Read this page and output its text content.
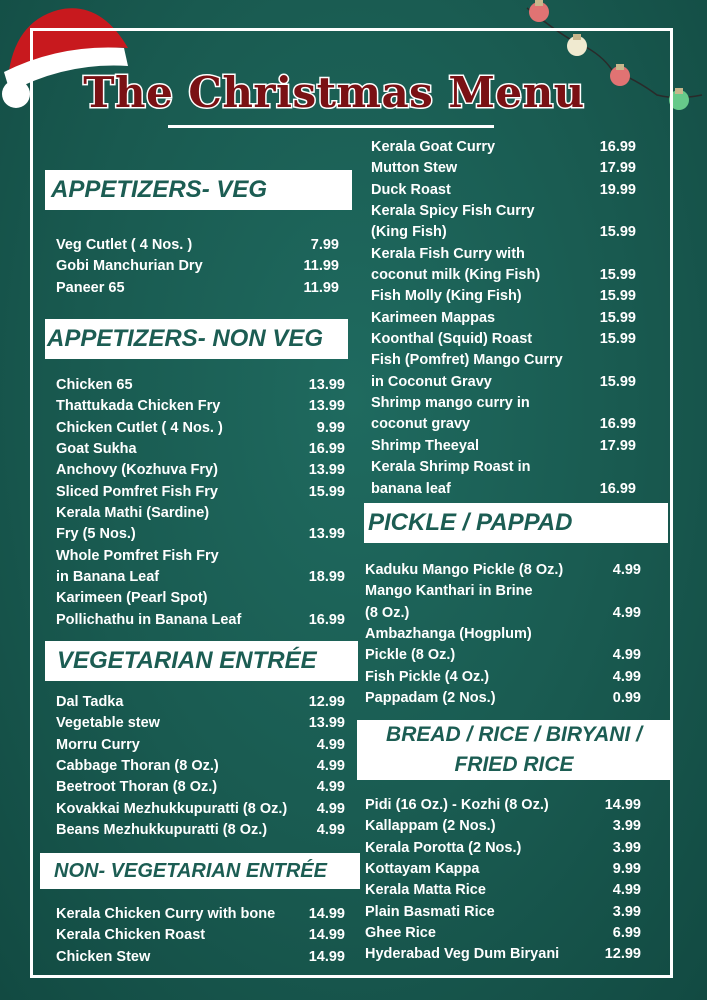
The Christmas Menu
APPETIZERS- VEG
Veg Cutlet ( 4 Nos. )	7.99
Gobi Manchurian Dry	11.99
Paneer 65	11.99
APPETIZERS- NON VEG
Chicken 65	13.99
Thattukada Chicken Fry	13.99
Chicken Cutlet ( 4 Nos. )	9.99
Goat Sukha	16.99
Anchovy (Kozhuva Fry)	13.99
Sliced Pomfret Fish Fry	15.99
Kerala Mathi (Sardine)
Fry (5 Nos.)	13.99
Whole Pomfret Fish Fry
in Banana Leaf	18.99
Karimeen (Pearl Spot)
Pollichathu in Banana Leaf	16.99
VEGETARIAN ENTRÉE
Dal Tadka	12.99
Vegetable stew	13.99
Morru Curry	4.99
Cabbage Thoran (8 Oz.)	4.99
Beetroot Thoran (8 Oz.)	4.99
Kovakkai Mezhukkupuratti (8 Oz.) 4.99
Beans Mezhukkupuratti (8 Oz.)	4.99
NON- VEGETARIAN ENTRÉE
Kerala Chicken Curry with bone 14.99
Kerala Chicken Roast	14.99
Chicken Stew	14.99
Kerala Goat Curry	16.99
Mutton Stew	17.99
Duck Roast	19.99
Kerala Spicy Fish Curry
(King Fish)	15.99
Kerala Fish Curry with
coconut milk (King Fish)	15.99
Fish Molly (King Fish)	15.99
Karimeen Mappas	15.99
Koonthal (Squid) Roast	15.99
Fish (Pomfret) Mango Curry
in Coconut Gravy	15.99
Shrimp mango curry in
coconut gravy	16.99
Shrimp Theeyal	17.99
Kerala Shrimp Roast in
banana leaf	16.99
PICKLE / PAPPAD
Kaduku Mango Pickle (8 Oz.)	4.99
Mango Kanthari in Brine
(8 Oz.)	4.99
Ambazhanga (Hogplum)
Pickle (8 Oz.)	4.99
Fish Pickle (4 Oz.)	4.99
Pappadam (2 Nos.)	0.99
BREAD / RICE / BIRYANI /
FRIED RICE
Pidi (16 Oz.) - Kozhi (8 Oz.)	14.99
Kallappam (2 Nos.)	3.99
Kerala Porotta (2 Nos.)	3.99
Kottayam Kappa	9.99
Kerala Matta Rice	4.99
Plain Basmati Rice	3.99
Ghee Rice	6.99
Hyderabad Veg Dum Biryani	12.99
